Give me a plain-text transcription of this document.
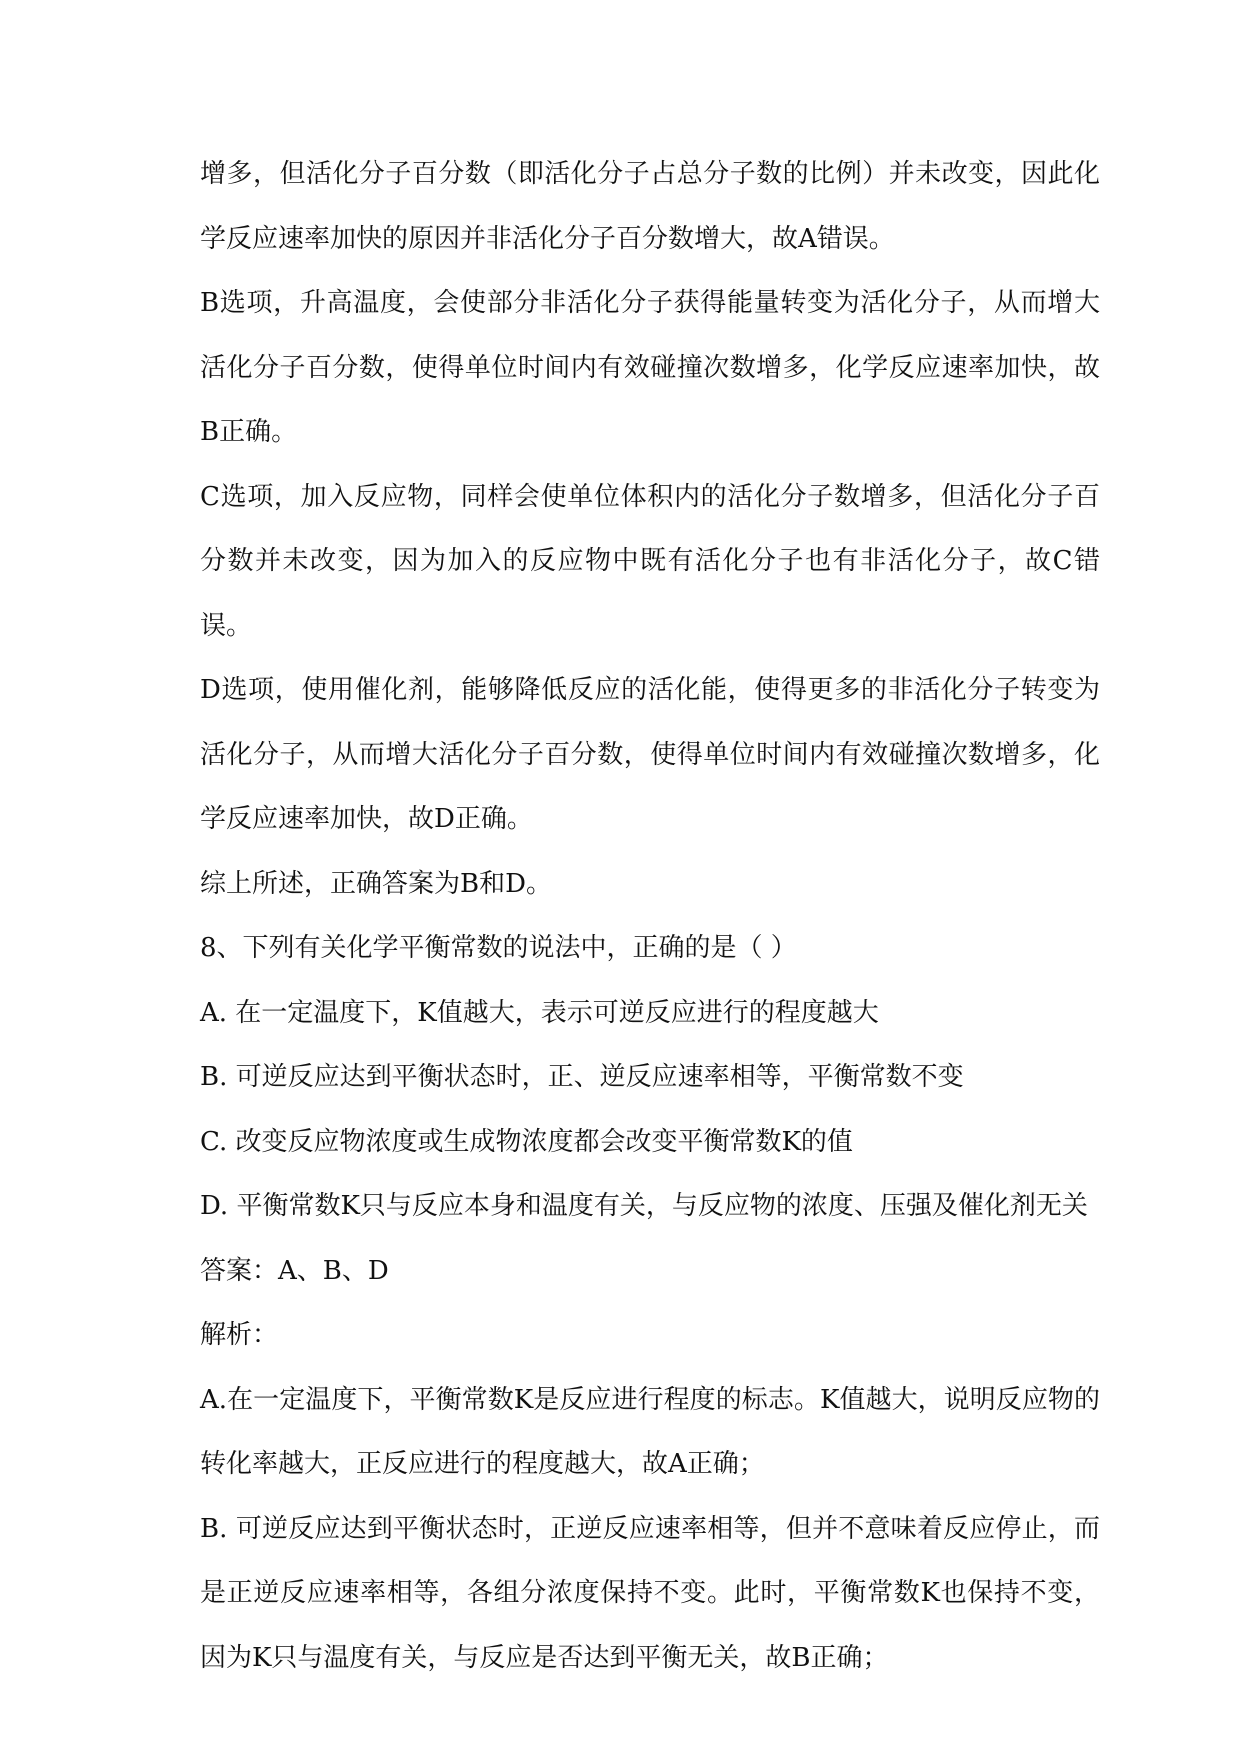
增多，但活化分子百分数（即活化分子占总分子数的比例）并未改变，因此化学反应速率加快的原因并非活化分子百分数增大，故A错误。

B选项，升高温度，会使部分非活化分子获得能量转变为活化分子，从而增大活化分子百分数，使得单位时间内有效碰撞次数增多，化学反应速率加快，故B正确。

C选项，加入反应物，同样会使单位体积内的活化分子数增多，但活化分子百分数并未改变，因为加入的反应物中既有活化分子也有非活化分子，故C错误。

D选项，使用催化剂，能够降低反应的活化能，使得更多的非活化分子转变为活化分子，从而增大活化分子百分数，使得单位时间内有效碰撞次数增多，化学反应速率加快，故D正确。

综上所述，正确答案为B和D。

8、下列有关化学平衡常数的说法中，正确的是（ ）

A. 在一定温度下，K值越大，表示可逆反应进行的程度越大

B. 可逆反应达到平衡状态时，正、逆反应速率相等，平衡常数不变

C. 改变反应物浓度或生成物浓度都会改变平衡常数K的值

D. 平衡常数K只与反应本身和温度有关，与反应物的浓度、压强及催化剂无关

答案：A、B、D

解析：

A.在一定温度下，平衡常数K是反应进行程度的标志。K值越大，说明反应物的转化率越大，正反应进行的程度越大，故A正确；

B. 可逆反应达到平衡状态时，正逆反应速率相等，但并不意味着反应停止，而是正逆反应速率相等，各组分浓度保持不变。此时，平衡常数K也保持不变，因为K只与温度有关，与反应是否达到平衡无关，故B正确；
